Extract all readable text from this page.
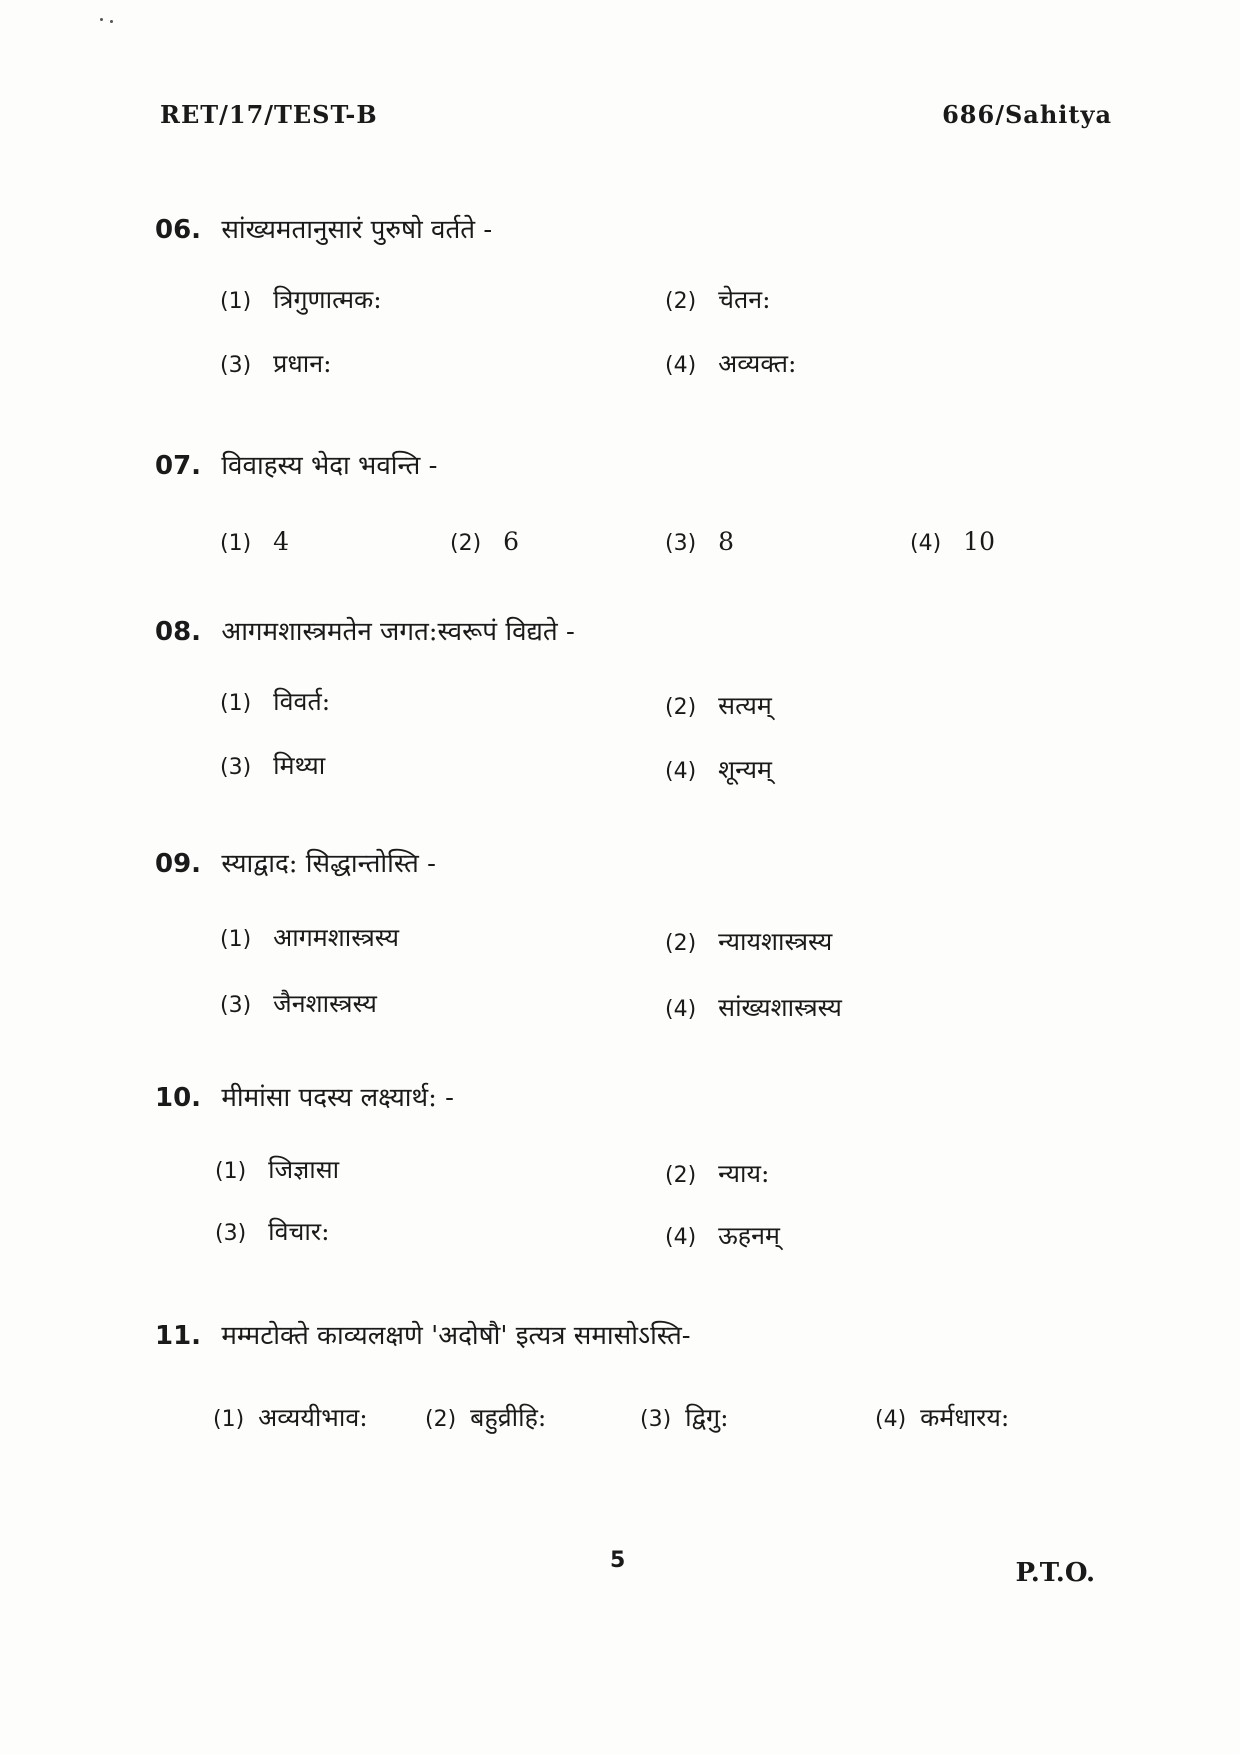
RET/17/TEST-B	686/Sahitya
06. सांख्यमतानुसारं पुरुषो वर्तते -
(1) त्रिगुणात्मक:	(2) चेतन:
(3) प्रधान:	(4) अव्यक्त:
07. विवाहस्य भेदा भवन्ति -
(1) 4	(2) 6	(3) 8	(4) 10
08. आगमशास्त्रमतेन जगत:स्वरूपं विद्यते -
(1) विवर्त:	(2) सत्यम्
(3) मिथ्या	(4) शून्यम्
09. स्याद्वाद: सिद्धान्तोस्ति -
(1) आगमशास्त्रस्य	(2) न्यायशास्त्रस्य
(3) जैनशास्त्रस्य	(4) सांख्यशास्त्रस्य
10. मीमांसा पदस्य लक्ष्यार्थ: -
(1) जिज्ञासा	(2) न्याय:
(3) विचार:	(4) ऊहनम्
11. मम्मटोक्ते काव्यलक्षणे 'अदोषौ' इत्यत्र समासोऽस्ति-
(1) अव्ययीभाव:	(2) बहुव्रीहि:	(3) द्विगु:	(4) कर्मधारय:
5	P.T.O.
